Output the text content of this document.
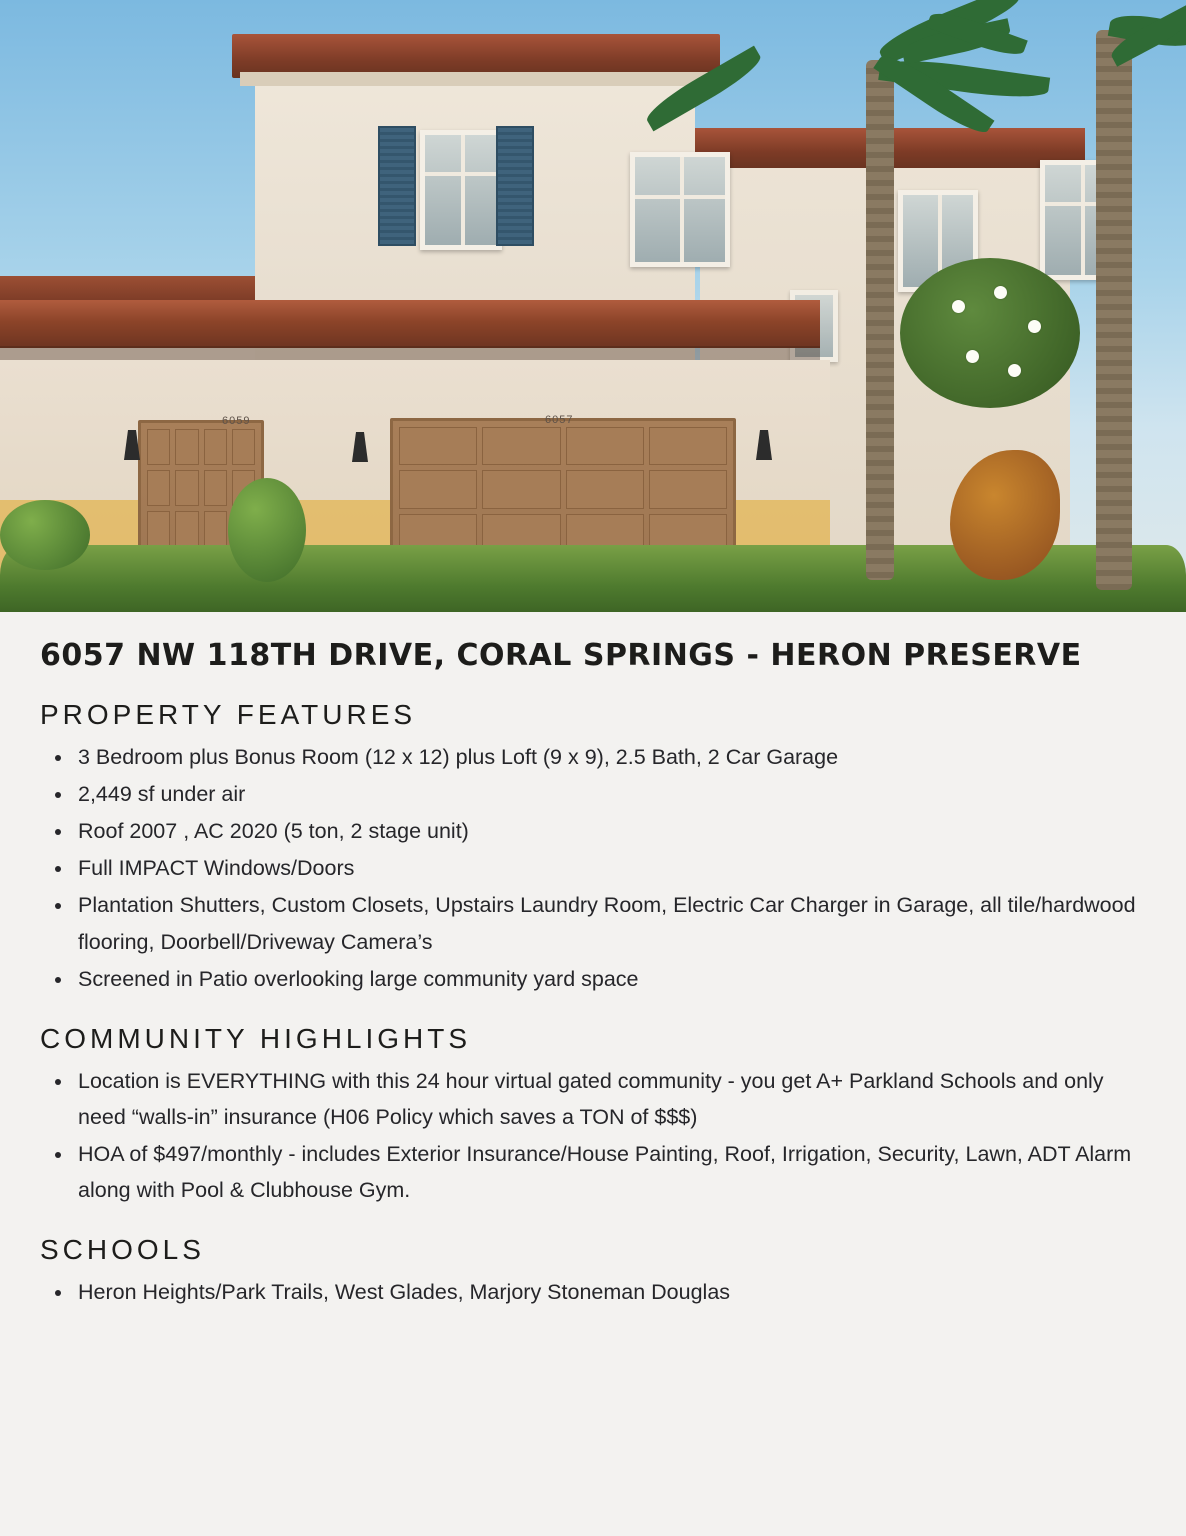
6059	6057
6057 NW 118TH DRIVE, CORAL SPRINGS - HERON PRESERVE
PROPERTY FEATURES
• 3 Bedroom plus Bonus Room (12 x 12) plus Loft (9 x 9), 2.5 Bath, 2 Car Garage
• 2,449 sf under air
• Roof 2007 , AC 2020 (5 ton, 2 stage unit)
• Full IMPACT Windows/Doors
• Plantation Shutters, Custom Closets, Upstairs Laundry Room, Electric Car Charger in Garage, all tile/hardwood flooring, Doorbell/Driveway Camera’s
• Screened in Patio overlooking large community yard space
COMMUNITY HIGHLIGHTS
• Location is EVERYTHING with this 24 hour virtual gated community - you get A+ Parkland Schools and only need “walls-in” insurance (H06 Policy which saves a TON of $$$)
• HOA of $497/monthly - includes Exterior Insurance/House Painting, Roof, Irrigation, Security, Lawn, ADT Alarm along with Pool & Clubhouse Gym.
SCHOOLS
• Heron Heights/Park Trails, West Glades, Marjory Stoneman Douglas
